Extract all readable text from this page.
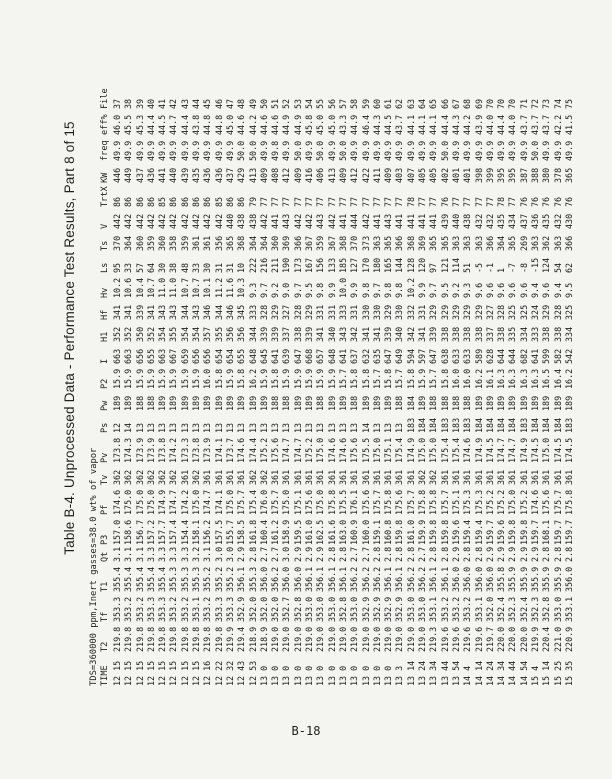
Table B-4. Unprocessed Data - Performance Test Results, Part 8 of 15
TDS=360000 ppm,Inert gasses=38.0 wt% of vapor TIME	T2	Tf	T1	Qt	P3	Pf	Tv	Pv	Ps	Pw	P2	I	H1	Hf	Hv	Ls	Ts	V	TrtX	KW	freq	eff%	File
12 15	219.8	353.3	355.4	3.1	157.0	174.6	362	173.8	12	189	15.9	663	352	341	10.2	95	370	442	86	446	49.9	46.0	37
12 15	219.8	353.2	355.4	3.1	158.6	175.0	362	174.3	14	189	15.9	663	352	341	10.6	33	364	442	86	449	49.9	45.5	38
12 15	219.8	353.2	355.4	3.1	156.7	175.0	362	173.9	13	188	15.9	656	350	339	10.4	57	360	442	86	437	49.9	45.3	39
12 15	219.8	353.3	355.4	3.3	157.2	175.0	362	173.9	13	188	15.9	655	352	341	10.7	64	359	442	86	436	49.9	44.4	40
12 15	219.8	353.3	355.4	3.3	157.7	174.9	362	173.8	13	189	15.9	663	354	343	11.0	30	360	442	85	441	49.9	44.5	41
12 15	219.8	353.2	355.3	3.3	157.4	174.7	362	174.2	13	189	15.9	667	355	343	11.0	38	358	442	86	440	49.9	44.7	42
12 15	219.8	353.2	355.3	3.3	154.4	174.2	361	173.3	13	189	15.9	659	354	344	10.7	48	359	442	86	439	49.9	44.4	43
12 15	219.8	353.1	355.3	3.2	158.1	175.0	362	173.8	13	189	15.9	656	354	343	10.7	33	361	442	86	435	49.9	43.8	44
12 16	219.8	353.2	355.2	3.1	156.2	174.7	361	173.9	13	189	16.0	656	357	346	10.1	30	361	442	86	436	49.9	44.8	45
12 22	219.8	353.3	355.2	3.0	157.5	174.1	361	174.1	13	189	15.8	654	355	344	11.2	31	356	442	85	436	49.9	44.8	46
12 32	219.9	353.3	355.2	3.0	155.7	175.0	361	173.7	13	189	15.9	654	356	346	11.6	31	365	440	86	437	49.9	45.0	47
12 43	219.4	352.9	356.1	2.9	158.5	175.7	361	174.6	13	189	15.8	655	356	345	10.3	10	368	438	86	429	50.0	44.6	48
12 53	218.9	352.0	355.3	2.8	161.8	175.4	362	174.4	13	189	16.2	648	344	333	9.3	222	364	438	79	413	50.0	44.2	49
13 0	218.9	352.0	356.0	2.7	160.4	176.0	362	175.2	13	189	15.9	645	339	328	9.7	216	364	442	77	409	49.9	44.6	50
13 0	219.0	352.0	356.2	2.7	161.2	175.7	361	175.6	13	188	15.8	641	339	329	9.2	211	360	441	77	408	49.8	44.6	51
13 0	219.0	352.7	356.0	3.0	158.9	175.0	361	174.7	13	188	15.9	639	337	327	9.0	190	369	443	77	412	49.9	44.9	52
13 0	219.0	352.8	356.0	2.9	159.5	175.1	361	174.7	13	189	15.9	647	338	328	9.7	173	366	442	77	409	50.0	44.9	53
13 0	219.0	353.0	356.1	2.9	161.0	175.6	361	175.2	13	189	15.9	668	339	329	9.5	167	367	442	77	416	49.9	45.8	54
13 0	219.0	353.0	356.1	2.9	162.5	175.0	361	175.0	13	188	15.9	657	341	331	9.8	156	359	443	77	406	50.0	45.0	55
13 0	219.0	353.0	356.1	2.8	161.6	175.8	361	174.6	13	189	15.9	648	340	331	9.9	133	367	442	77	413	49.9	45.0	56
13 0	219.0	352.8	356.1	2.8	163.0	175.5	361	174.6	13	189	15.7	641	343	333	10.0	185	368	441	77	409	50.0	43.3	57
13 0	219.0	353.0	356.2	2.7	160.9	176.1	361	175.6	13	188	15.8	637	342	331	9.9	127	370	444	77	412	49.9	44.9	58
13 0	219.0	352.9	356.2	2.7	160.0	175.6	361	175.5	14	189	15.8	632	341	330	9.8	170	373	442	77	422	49.9	46.4	59
13 0	219.0	352.9	356.2	2.8	159.1	175.7	361	175.0	13	189	15.7	635	341	330	9.7	180	363	441	77	411	49.9	44.3	60
13 0	219.0	352.9	356.1	2.8	160.8	175.8	361	175.1	13	189	15.8	647	339	329	9.8	165	365	443	77	409	49.9	44.5	61
13 3	219.0	352.9	356.1	2.8	159.8	175.6	361	175.4	13	188	15.7	649	340	330	9.8	144	366	441	77	403	49.9	43.7	62
13 14	219.0	353.0	356.2	2.8	161.0	175.7	361	174.9	183	184	15.8	594	342	332	10.2	128	368	441	78	407	49.9	44.1	63
13 24	219.0	353.0	356.2	2.7	159.9	175.8	362	175.0	184	189	15.9	597	341	331	9.9	120	369	441	77	405	49.9	44.1	64
13 34	219.3	353.1	356.1	2.8	159.8	175.8	362	175.0	184	188	15.7	647	339	329	9.7	97	365	441	77	405	49.9	44.1	65
13 44	219.6	353.2	356.1	2.8	159.8	175.7	361	175.4	183	188	15.8	638	338	329	9.5	121	365	439	76	402	50.0	44.4	66
13 54	219.6	353.2	356.0	2.9	159.6	175.1	361	175.4	183	188	16.0	633	338	329	9.2	114	363	440	77	401	49.9	44.3	67
14 4	219.6	353.2	356.0	2.8	159.4	175.3	361	174.6	183	188	16.0	633	338	329	9.3	51	363	438	77	401	49.9	44.2	68
14 14	219.6	353.1	356.0	2.8	159.4	175.3	361	174.9	184	189	16.2	589	338	329	9.6	-5	363	432	77	398	49.9	43.9	69
14 24	219.7	352.0	356.0	2.9	159.7	175.2	361	174.5	184	189	16.1	628	337	327	9.6	-1	366	432	77	399	49.9	44.0	70
14 34	220.0	352.4	355.8	2.9	159.6	175.2	361	174.7	184	189	16.3	644	338	328	9.6	1	364	435	78	395	49.9	44.4	70
14 44	220.0	352.3	355.9	2.9	159.8	175.0	361	174.7	184	189	16.3	644	335	325	9.6	-7	365	434	77	395	49.9	44.0	70
14 54	220.0	352.4	355.9	2.9	159.8	175.2	361	174.9	183	189	16.3	682	334	325	9.6	-8	269	437	76	387	49.9	43.7	71
15 4	219.9	352.3	355.9	2.9	159.7	174.6	361	174.5	184	189	16.3	641	333	324	9.4	-15	363	436	76	388	50.0	43.7	72
15 14	220.4	352.8	355.9	2.8	168.1	175.6	361	175.0	184	189	16.5	599	338	329	9.6	124	362	435	76	380	49.9	43.7	73
15 25	221.0	353.0	355.9	2.8	159.7	175.7	361	174.5	184	189	16.4	582	338	328	9.4	54	363	432	76	378	49.9	42.2	74
15 35	220.9	353.1	356.0	2.8	159.7	175.8	361	174.5	183	189	16.2	542	334	325	9.5	62	366	430	76	365	49.9	41.5	75
B-18
